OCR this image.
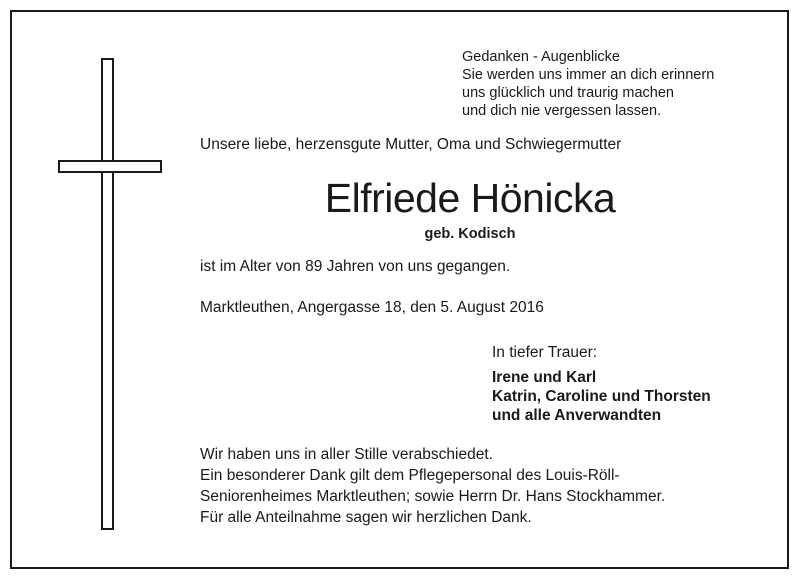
Gedanken - Augenblicke
Sie werden uns immer an dich erinnern
uns glücklich und traurig machen
und dich nie vergessen lassen.
Unsere liebe, herzensgute Mutter, Oma und Schwiegermutter
Elfriede Hönicka
geb. Kodisch
ist im Alter von 89 Jahren von uns gegangen.
Marktleuthen, Angergasse 18, den 5. August 2016
In tiefer Trauer:
Irene und Karl
Katrin, Caroline und Thorsten
und alle Anverwandten
Wir haben uns in aller Stille verabschiedet.
Ein besonderer Dank gilt dem Pflegepersonal des Louis-Röll-
Seniorenheimes Marktleuthen; sowie Herrn Dr. Hans Stockhammer.
Für alle Anteilnahme sagen wir herzlichen Dank.
